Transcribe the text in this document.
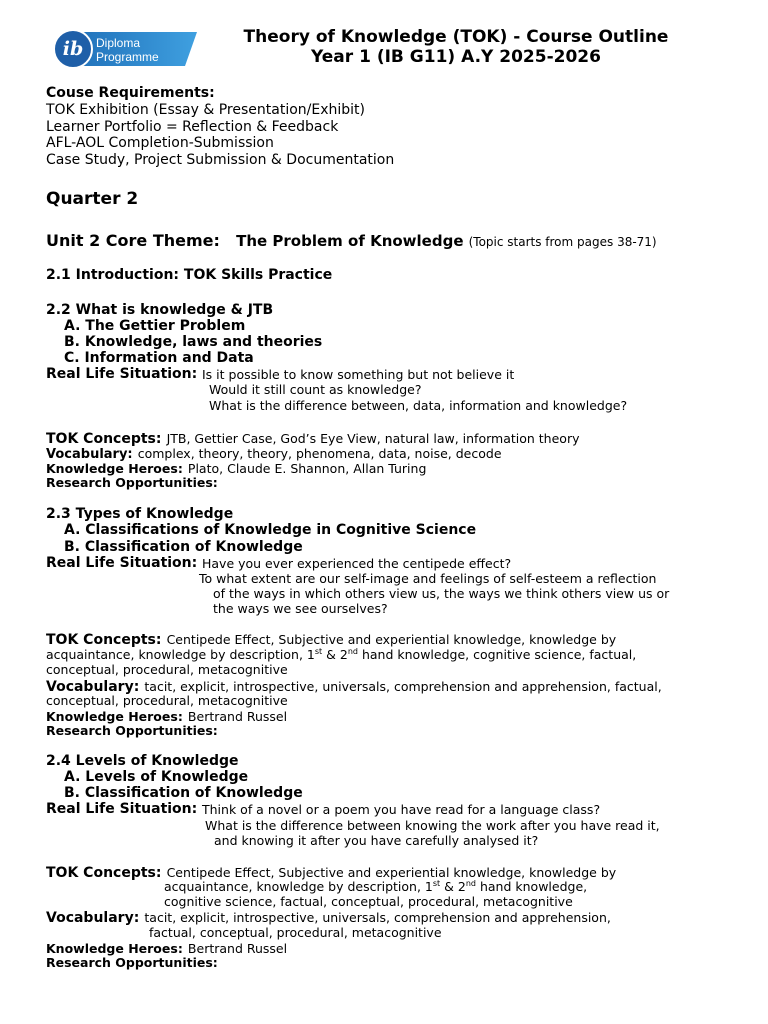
ib Diploma
Programme
Theory of Knowledge (TOK) - Course Outline
Year 1 (IB G11) A.Y 2025-2026
Couse Requirements:
TOK Exhibition (Essay & Presentation/Exhibit)
Learner Portfolio = Reflection & Feedback
AFL-AOL Completion-Submission
Case Study, Project Submission & Documentation
Quarter 2
Unit 2 Core Theme: The Problem of Knowledge (Topic starts from pages 38-71)
2.1 Introduction: TOK Skills Practice
2.2 What is knowledge & JTB
A. The Gettier Problem
B. Knowledge, laws and theories
C. Information and Data
Real Life Situation: Is it possible to know something but not believe it
Would it still count as knowledge?
What is the difference between, data, information and knowledge?
TOK Concepts: JTB, Gettier Case, God’s Eye View, natural law, information theory
Vocabulary: complex, theory, theory, phenomena, data, noise, decode
Knowledge Heroes: Plato, Claude E. Shannon, Allan Turing
Research Opportunities:
2.3 Types of Knowledge
A. Classifications of Knowledge in Cognitive Science
B. Classification of Knowledge
Real Life Situation: Have you ever experienced the centipede effect?
To what extent are our self-image and feelings of self-esteem a reflection
of the ways in which others view us, the ways we think others view us or
the ways we see ourselves?
TOK Concepts: Centipede Effect, Subjective and experiential knowledge, knowledge by
acquaintance, knowledge by description, 1st & 2nd hand knowledge, cognitive science, factual,
conceptual, procedural, metacognitive
Vocabulary: tacit, explicit, introspective, universals, comprehension and apprehension, factual,
conceptual, procedural, metacognitive
Knowledge Heroes: Bertrand Russel
Research Opportunities:
2.4 Levels of Knowledge
A. Levels of Knowledge
B. Classification of Knowledge
Real Life Situation: Think of a novel or a poem you have read for a language class?
What is the difference between knowing the work after you have read it,
and knowing it after you have carefully analysed it?
TOK Concepts: Centipede Effect, Subjective and experiential knowledge, knowledge by
acquaintance, knowledge by description, 1st & 2nd hand knowledge,
cognitive science, factual, conceptual, procedural, metacognitive
Vocabulary: tacit, explicit, introspective, universals, comprehension and apprehension,
factual, conceptual, procedural, metacognitive
Knowledge Heroes: Bertrand Russel
Research Opportunities:
